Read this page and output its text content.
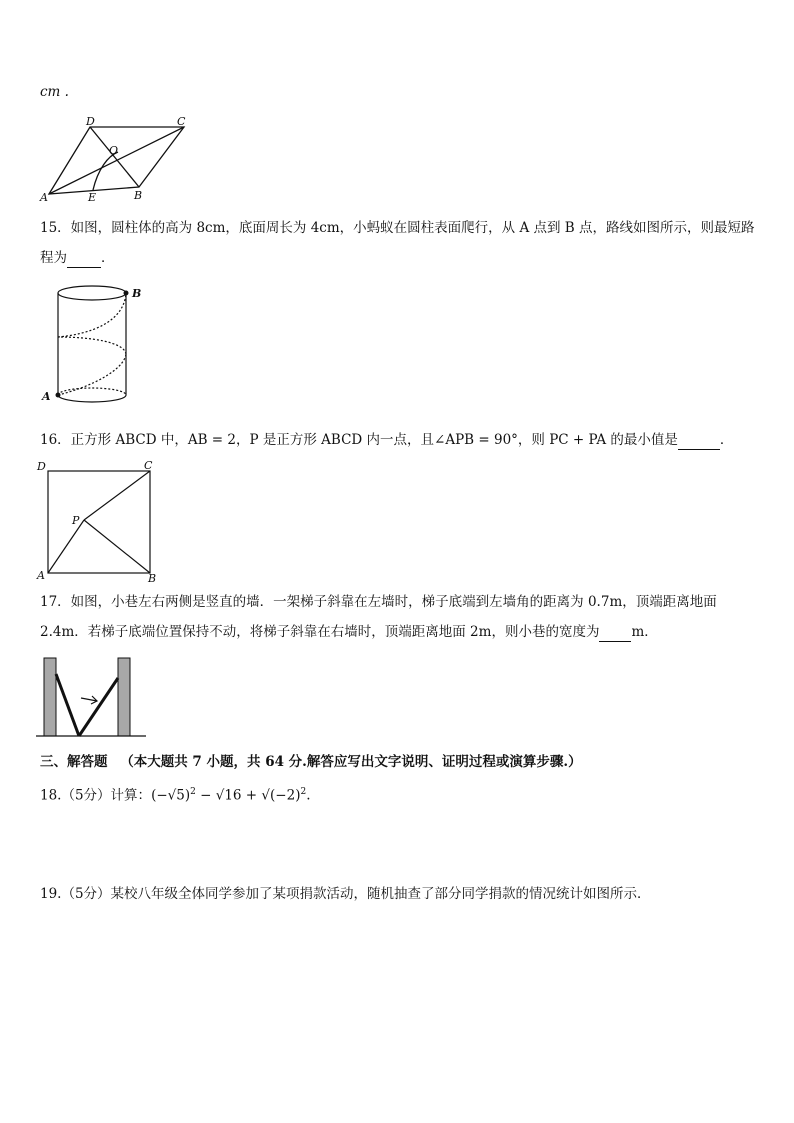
cm .
A	B
C
D
E
O
15．如图，圆柱体的高为 8cm，底面周长为 4cm，小蚂蚁在圆柱表面爬行，从 A 点到 B 点，路线如图所示，则最短路
程为	．
A
B
16．正方形 ABCD 中，AB = 2，P 是正方形 ABCD 内一点，且∠APB = 90°，则 PC + PA 的最小值是	．
D	C
A	B
P
17．如图，小巷左右两侧是竖直的墙．一架梯子斜靠在左墙时，梯子底端到左墙角的距离为 0.7m，顶端距离地面
2.4m．若梯子底端位置保持不动，将梯子斜靠在右墙时，顶端距离地面 2m，则小巷的宽度为 m．
三、解答题 （本大题共 7 小题，共 64 分.解答应写出文字说明、证明过程或演算步骤.）
18.（5分）计算：$(-√5)^2 - √16 + √(-2)^2$.
19.（5分）某校八年级全体同学参加了某项捐款活动，随机抽查了部分同学捐款的情况统计如图所示．
